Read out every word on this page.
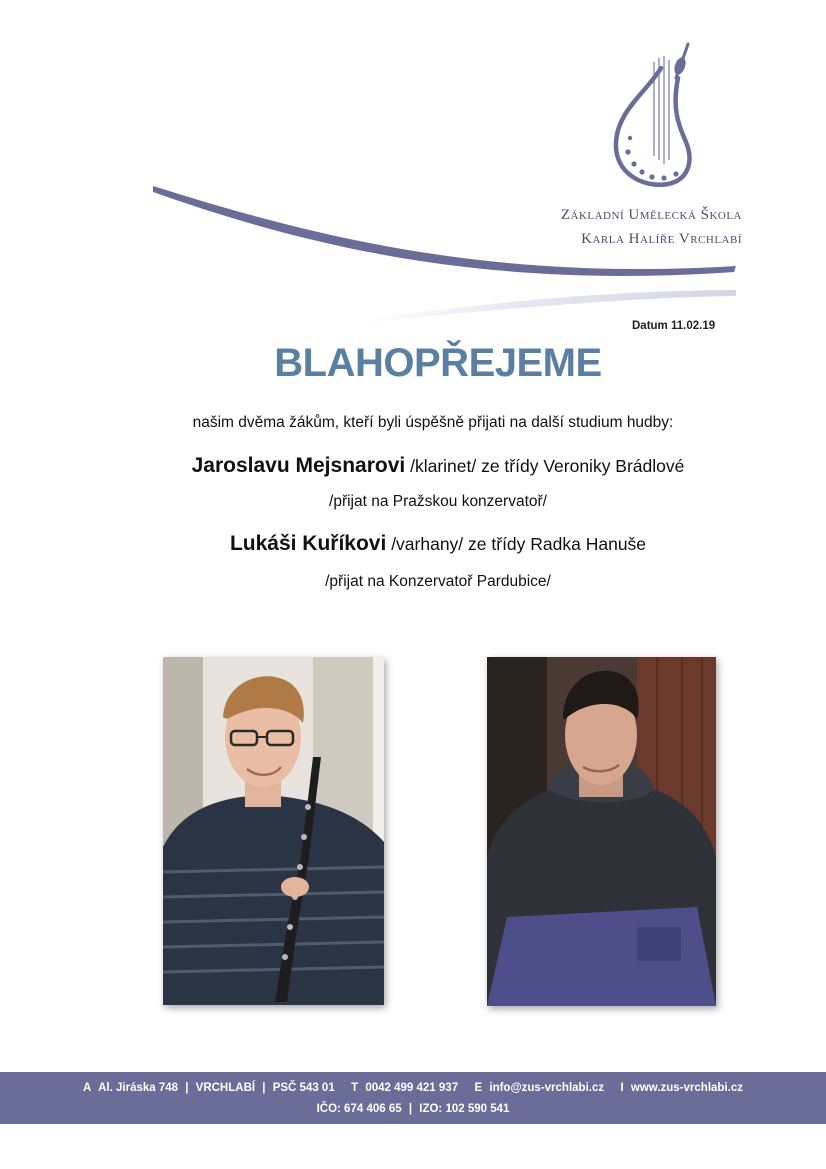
Základní Umělecká Škola
Karla Halíře Vrchlabí
Datum 11.02.19
BLAHOPŘEJEME
našim dvěma žákům, kteří byli úspěšně přijati na další studium hudby:
Jaroslavu Mejsnarovi /klarinet/ ze třídy Veroniky Brádlové
/přijat na Pražskou konzervatoř/
Lukáši Kuříkovi /varhany/ ze třídy Radka Hanuše
/přijat na Konzervatoř Pardubice/
A Al. Jiráska 748 | VRCHLABÍ | PSČ 543 01 T 0042 499 421 937 E info@zus-vrchlabi.cz I www.zus-vrchlabi.cz
IČO: 674 406 65 | IZO: 102 590 541
